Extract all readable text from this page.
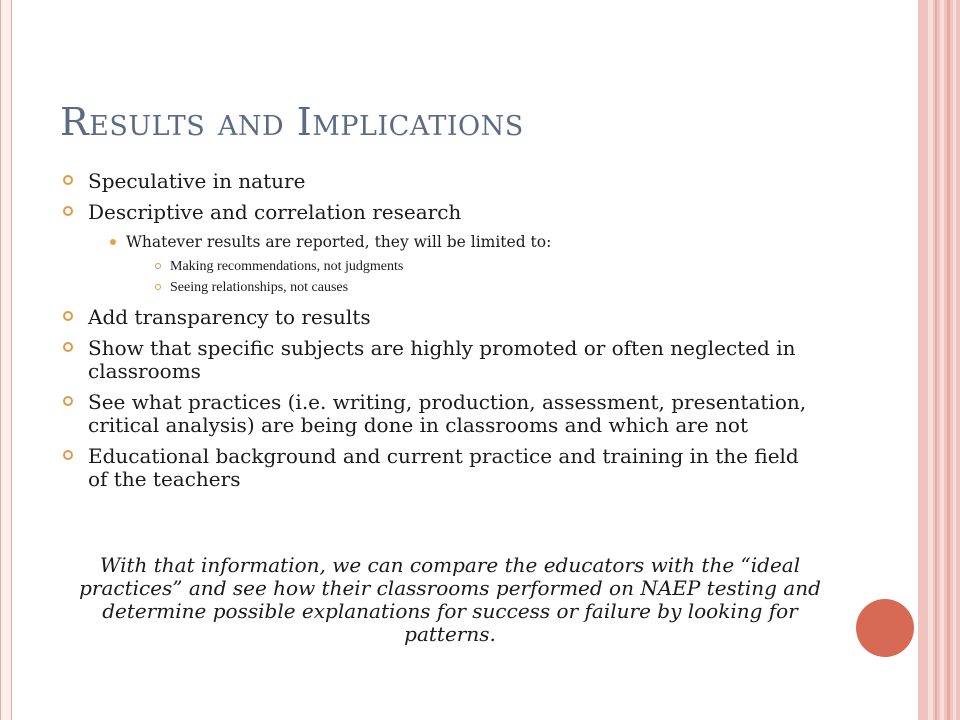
Results and Implications
Speculative in nature
Descriptive and correlation research
Whatever results are reported, they will be limited to:
Making recommendations, not judgments
Seeing relationships, not causes
Add transparency to results
Show that specific subjects are highly promoted or often neglected in classrooms
See what practices (i.e. writing, production, assessment, presentation, critical analysis) are being done in classrooms and which are not
Educational background and current practice and training in the field of the teachers
With that information, we can compare the educators with the “ideal practices” and see how their classrooms performed on NAEP testing and determine possible explanations for success or failure by looking for patterns.
